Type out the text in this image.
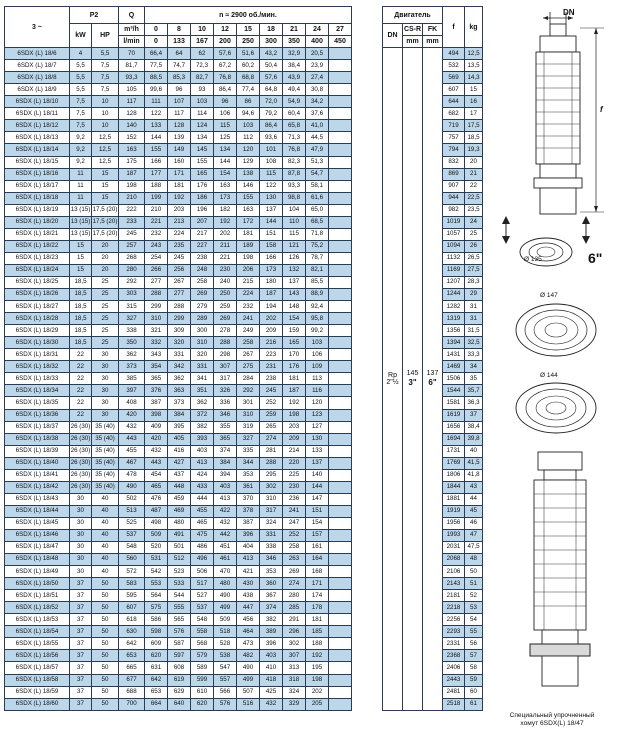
3 ~	P2		Q	n ≈ 2900 об./мин.								
	kW	HP	m³/h	0	8	10	12	15	18	21	24	27
			l/min	0	133	167	200	250	300	350	400	450
6SDX (L) 18/6	4	5,5	70	66,4	64	62	57,6	51,6	43,2	32,9	20,5	
6SDX (L) 18/7	5,5	7,5	81,7	77,5	74,7	72,3	67,2	60,2	50,4	38,4	23,9	
6SDX (L) 18/8	5,5	7,5	93,3	88,5	85,3	82,7	76,8	68,8	57,6	43,9	27,4	
6SDX (L) 18/9	5,5	7,5	105	99,6	96	93	86,4	77,4	64,8	49,4	30,8	
6SDX (L) 18/10	7,5	10	117	111	107	103	96	86	72,0	54,9	34,2	
6SDX (L) 18/11	7,5	10	128	122	117	114	106	94,6	79,2	60,4	37,6	
6SDX (L) 18/12	7,5	10	140	133	128	124	115	103	86,4	65,8	41,0	
6SDX (L) 18/13	9,2	12,5	152	144	139	134	125	112	93,6	71,3	44,5	
6SDX (L) 18/14	9,2	12,5	163	155	149	145	134	120	101	76,8	47,9	
6SDX (L) 18/15	9,2	12,5	175	166	160	155	144	129	108	82,3	51,3	
6SDX (L) 18/16	11	15	187	177	171	165	154	138	115	87,8	54,7	
6SDX (L) 18/17	11	15	198	188	181	176	163	146	122	93,3	58,1	
6SDX (L) 18/18	11	15	210	199	192	186	173	155	130	98,8	61,6	
6SDX (L) 18/19	13 (15)	17,5 (20)	222	210	203	196	182	163	137	104	65,0	
6SDX (L) 18/20	13 (15)	17,5 (20)	233	221	213	207	192	172	144	110	68,5	
6SDX (L) 18/21	13 (15)	17,5 (20)	245	232	224	217	202	181	151	115	71,8	
6SDX (L) 18/22	15	20	257	243	235	227	211	189	158	121	75,2	
6SDX (L) 18/23	15	20	268	254	245	238	221	198	166	126	78,7	
6SDX (L) 18/24	15	20	280	266	256	248	230	206	173	132	82,1	
6SDX (L) 18/25	18,5	25	292	277	267	258	240	215	180	137	85,5	
6SDX (L) 18/26	18,5	25	303	288	277	269	250	224	187	143	88,9	
6SDX (L) 18/27	18,5	25	315	299	288	279	259	232	194	148	92,4	
6SDX (L) 18/28	18,5	25	327	310	299	289	269	241	202	154	95,8	
6SDX (L) 18/29	18,5	25	338	321	309	300	278	249	209	159	99,2	
6SDX (L) 18/30	18,5	25	350	332	320	310	288	258	216	165	103	
6SDX (L) 18/31	22	30	362	343	331	320	298	267	223	170	106	
6SDX (L) 18/32	22	30	373	354	342	331	307	275	231	176	109	
6SDX (L) 18/33	22	30	385	365	362	341	317	284	238	181	113	
6SDX (L) 18/34	22	30	397	376	363	351	326	292	245	187	116	
6SDX (L) 18/35	22	30	408	387	373	362	336	301	252	192	120	
6SDX (L) 18/36	22	30	420	398	384	372	346	310	259	198	123	
6SDX (L) 18/37	26 (30)	35 (40)	432	409	395	382	355	319	265	203	127	
6SDX (L) 18/38	26 (30)	35 (40)	443	420	405	393	365	327	274	209	130	
6SDX (L) 18/39	26 (30)	35 (40)	455	432	416	403	374	335	281	214	133	
6SDX (L) 18/40	26 (30)	35 (40)	467	443	427	413	384	344	288	220	137	
6SDX (L) 18/41	26 (30)	35 (40)	478	454	437	424	394	353	295	225	140	
6SDX (L) 18/42	26 (30)	35 (40)	490	465	448	433	403	361	302	230	144	
6SDX (L) 18/43	30	40	502	476	459	444	413	370	310	236	147	
6SDX (L) 18/44	30	40	513	487	469	455	422	378	317	241	151	
6SDX (L) 18/45	30	40	525	498	480	465	432	387	324	247	154	
6SDX (L) 18/46	30	40	537	509	491	475	442	396	331	252	157	
6SDX (L) 18/47	30	40	548	520	501	486	451	404	338	258	161	
6SDX (L) 18/48	30	40	560	531	512	496	461	413	346	263	164	
6SDX (L) 18/49	30	40	572	542	523	506	470	421	353	269	168	
6SDX (L) 18/50	37	50	583	553	533	517	480	430	360	274	171	
6SDX (L) 18/51	37	50	595	564	544	527	490	438	367	280	174	
6SDX (L) 18/52	37	50	607	575	555	537	499	447	374	285	178	
6SDX (L) 18/53	37	50	618	586	565	548	509	456	382	291	181	
6SDX (L) 18/54	37	50	630	598	576	558	518	464	389	296	185	
6SDX (L) 18/55	37	50	642	609	587	568	528	473	396	302	188	
6SDX (L) 18/56	37	50	653	620	597	579	538	482	403	307	192	
6SDX (L) 18/57	37	50	665	631	608	589	547	490	410	313	195	
6SDX (L) 18/58	37	50	677	642	619	599	557	499	418	318	198	
6SDX (L) 18/59	37	50	688	653	629	610	566	507	425	324	202	
6SDX (L) 18/60	37	50	700	664	640	620	576	516	432	329	205	
Двигатель			f	kg
DN	CS-R	FK		
	mm	mm		
Rp
2"½	145
3"	137
6"	494	12,5
			532	13,5
			569	14,3
			607	15
			644	16
			682	17
			719	17,5
			757	18,5
			794	19,3
			832	20
			869	21
			907	22
			944	22,5
			982	23,5
			1019	24
			1057	25
			1094	26
			1132	26,5
			1169	27,5
			1207	28,3
			1244	29
			1282	31
			1319	31
			1356	31,5
			1394	32,5
			1431	33,3
			1469	34
			1506	35
			1544	35,7
			1581	36,3
			1619	37
			1656	38,4
			1694	39,8
			1731	40
			1769	41,5
			1806	41,8
			1844	43
			1881	44
			1919	45
			1956	46
			1993	47
			2031	47,5
			2068	48
			2106	50
			2143	51
			2181	52
			2218	53
			2256	54
			2293	55
			2331	56
			2368	57
			2406	58
			2443	59
			2481	60
			2518	61
DN
f
Ø 135	6"
Ø 147
Ø 144
Специальный упрочненный
хомут 6SDX(L) 18/47
